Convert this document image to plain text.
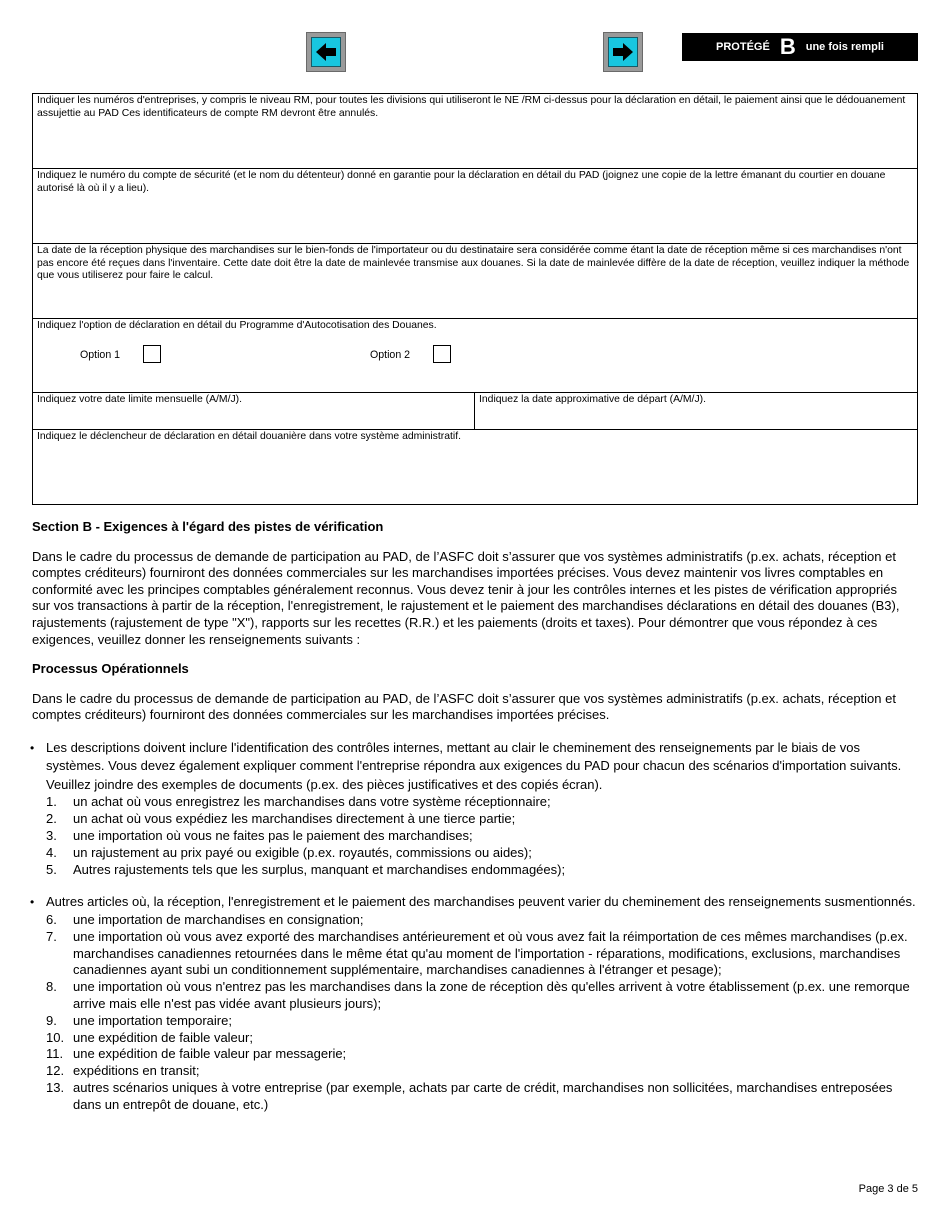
PROTÉGÉ B une fois rempli
Indiquer les numéros d'entreprises, y compris le niveau RM, pour toutes les divisions qui utiliseront le NE /RM ci-dessus pour la déclaration en détail, le paiement ainsi que le dédouanement assujettie au PAD Ces identificateurs de compte RM devront être annulés.
Indiquez le numéro du compte de sécurité (et le nom du détenteur) donné en garantie pour la déclaration en détail du PAD (joignez une copie de la lettre émanant du courtier en douane autorisé là où il y a lieu).
La date de la réception physique des marchandises sur le bien-fonds de l'importateur ou du destinataire sera considérée comme étant la date de réception même si ces marchandises n'ont pas encore été reçues dans l'inventaire. Cette date doit être la date de mainlevée transmise aux douanes. Si la date de mainlevée diffère de la date de réception, veuillez indiquer la méthode que vous utiliserez pour faire le calcul.
Indiquez l'option de déclaration en détail du Programme d'Autocotisation des Douanes.
Option 1	Option 2
Indiquez votre date limite mensuelle (A/M/J).	Indiquez la date approximative de départ (A/M/J).
Indiquez le déclencheur de déclaration en détail douanière dans votre système administratif.

Section B - Exigences à l'égard des pistes de vérification

Dans le cadre du processus de demande de participation au PAD, de l’ASFC doit s’assurer que vos systèmes administratifs (p.ex. achats, réception et comptes créditeurs) fourniront des données commerciales sur les marchandises importées précises. Vous devez maintenir vos livres comptables en conformité avec les principes comptables généralement reconnus. Vous devez tenir à jour les contrôles internes et les pistes de vérification appropriés sur vos transactions à partir de la réception, l'enregistrement, le rajustement et le paiement des marchandises déclarations en détail des douanes (B3), rajustements (rajustement de type "X"), rapports sur les recettes (R.R.) et les paiements (droits et taxes). Pour démontrer que vous répondez à ces exigences, veuillez donner les renseignements suivants :

Processus Opérationnels

Dans le cadre du processus de demande de participation au PAD, de l’ASFC doit s’assurer que vos systèmes administratifs (p.ex. achats, réception et comptes créditeurs) fourniront des données commerciales sur les marchandises importées précises.

• Les descriptions doivent inclure l'identification des contrôles internes, mettant au clair le cheminement des renseignements par le biais de vos systèmes. Vous devez également expliquer comment l'entreprise répondra aux exigences du PAD pour chacun des scénarios d'importation suivants. Veuillez joindre des exemples de documents (p.ex. des pièces justificatives et des copiés écran).

1.	un achat où vous enregistrez les marchandises dans votre système réceptionnaire;
2.	un achat où vous expédiez les marchandises directement à une tierce partie;
3.	une importation où vous ne faites pas le paiement des marchandises;
4.	un rajustement au prix payé ou exigible (p.ex. royautés, commissions ou aides);
5.	Autres rajustements tels que les surplus, manquant et marchandises endommagées);

• Autres articles où, la réception, l'enregistrement et le paiement des marchandises peuvent varier du cheminement des renseignements susmentionnés.

6.	une importation de marchandises en consignation;
7.	une importation où vous avez exporté des marchandises antérieurement et où vous avez fait la réimportation de ces mêmes marchandises (p.ex. marchandises canadiennes retournées dans le même état qu'au moment de l'importation - réparations, modifications, exclusions, marchandises canadiennes ayant subi un conditionnement supplémentaire, marchandises canadiennes à l'étranger et pesage);
8.	une importation où vous n'entrez pas les marchandises dans la zone de réception dès qu'elles arrivent à votre établissement (p.ex. une remorque arrive mais elle n'est pas vidée avant plusieurs jours);
9.	une importation temporaire;
10. une expédition de faible valeur;
11. une expédition de faible valeur par messagerie;
12. expéditions en transit;
13. autres scénarios uniques à votre entreprise (par exemple, achats par carte de crédit, marchandises non sollicitées, marchandises entreposées dans un entrepôt de douane, etc.)
Page 3 de 5
